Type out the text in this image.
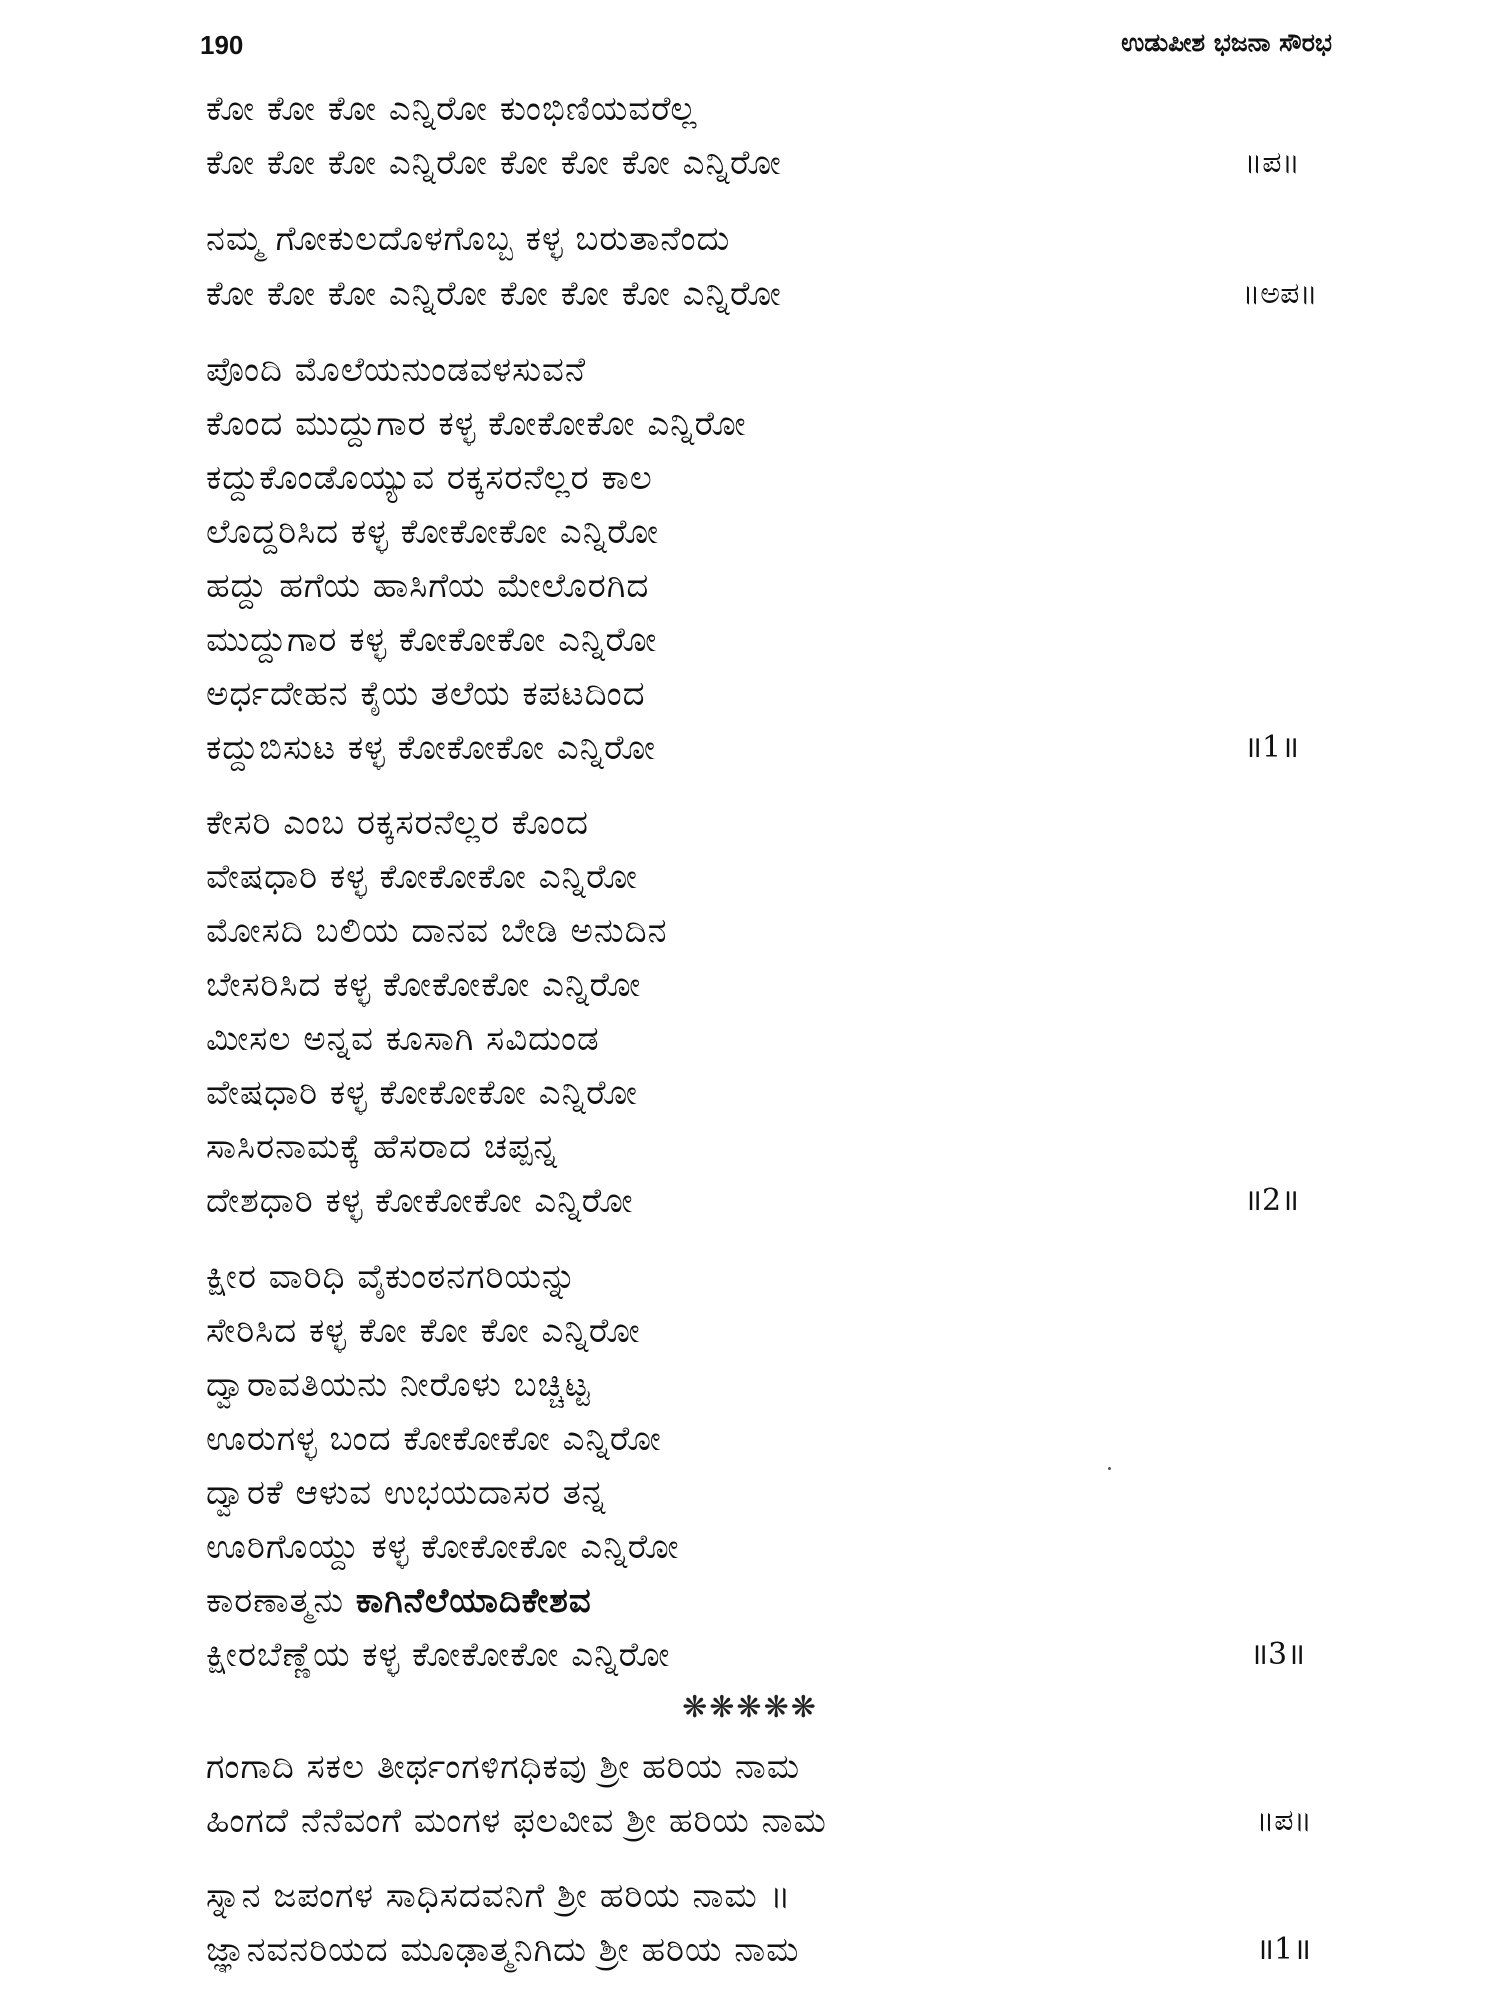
190	ಉಡುಪೀಶ ಭಜನಾ ಸೌರಭ
ಕೋ ಕೋ ಕೋ ಎನ್ನಿರೋ ಕುಂಭಿಣಿಯವರೆಲ್ಲ
ಕೋ ಕೋ ಕೋ ಎನ್ನಿರೋ ಕೋ ಕೋ ಕೋ ಎನ್ನಿರೋ	॥ಪ॥
ನಮ್ಮ ಗೋಕುಲದೊಳಗೊಬ್ಬ ಕಳ್ಳ ಬರುತಾನೆಂದು
ಕೋ ಕೋ ಕೋ ಎನ್ನಿರೋ ಕೋ ಕೋ ಕೋ ಎನ್ನಿರೋ	॥ಅಪ॥
ಪೊಂದಿ ಮೊಲೆಯನುಂಡವಳಸುವನೆ
ಕೊಂದ ಮುದ್ದುಗಾರ ಕಳ್ಳ ಕೋಕೋಕೋ ಎನ್ನಿರೋ
ಕದ್ದುಕೊಂಡೊಯ್ಯುವ ರಕ್ಕಸರನೆಲ್ಲರ ಕಾಲ
ಲೊದ್ದರಿಸಿದ ಕಳ್ಳ ಕೋಕೋಕೋ ಎನ್ನಿರೋ
ಹದ್ದು ಹಗೆಯ ಹಾಸಿಗೆಯ ಮೇಲೊರಗಿದ
ಮುದ್ದುಗಾರ ಕಳ್ಳ ಕೋಕೋಕೋ ಎನ್ನಿರೋ
ಅರ್ಧದೇಹನ ಕೈಯ ತಲೆಯ ಕಪಟದಿಂದ
ಕದ್ದುಬಿಸುಟ ಕಳ್ಳ ಕೋಕೋಕೋ ಎನ್ನಿರೋ	॥1॥
ಕೇಸರಿ ಎಂಬ ರಕ್ಕಸರನೆಲ್ಲರ ಕೊಂದ
ವೇಷಧಾರಿ ಕಳ್ಳ ಕೋಕೋಕೋ ಎನ್ನಿರೋ
ಮೋಸದಿ ಬಲಿಯ ದಾನವ ಬೇಡಿ ಅನುದಿನ
ಬೇಸರಿಸಿದ ಕಳ್ಳ ಕೋಕೋಕೋ ಎನ್ನಿರೋ
ಮೀಸಲ ಅನ್ನವ ಕೂಸಾಗಿ ಸವಿದುಂಡ
ವೇಷಧಾರಿ ಕಳ್ಳ ಕೋಕೋಕೋ ಎನ್ನಿರೋ
ಸಾಸಿರನಾಮಕ್ಕೆ ಹೆಸರಾದ ಚಪ್ಪನ್ನ
ದೇಶಧಾರಿ ಕಳ್ಳ ಕೋಕೋಕೋ ಎನ್ನಿರೋ	॥2॥
ಕ್ಷೀರ ವಾರಿಧಿ ವೈಕುಂಠನಗರಿಯನ್ನು
ಸೇರಿಸಿದ ಕಳ್ಳ ಕೋ ಕೋ ಕೋ ಎನ್ನಿರೋ
ದ್ವಾರಾವತಿಯನು ನೀರೊಳು ಬಚ್ಚಿಟ್ಟ
ಊರುಗಳ್ಳ ಬಂದ ಕೋಕೋಕೋ ಎನ್ನಿರೋ
ದ್ವಾರಕೆ ಆಳುವ ಉಭಯದಾಸರ ತನ್ನ
ಊರಿಗೊಯ್ದು ಕಳ್ಳ ಕೋಕೋಕೋ ಎನ್ನಿರೋ
ಕಾರಣಾತ್ಮನು ಕಾಗಿನೆಲೆಯಾದಿಕೇಶವ
ಕ್ಷೀರಬೆಣ್ಣೆಯ ಕಳ್ಳ ಕೋಕೋಕೋ ಎನ್ನಿರೋ	॥3॥
❋❋❋❋❋
ಗಂಗಾದಿ ಸಕಲ ತೀರ್ಥಂಗಳಿಗಧಿಕವು ಶ್ರೀ ಹರಿಯ ನಾಮ
ಹಿಂಗದೆ ನೆನೆವಂಗೆ ಮಂಗಳ ಫಲವೀವ ಶ್ರೀ ಹರಿಯ ನಾಮ	॥ಪ॥
ಸ್ನಾನ ಜಪಂಗಳ ಸಾಧಿಸದವನಿಗೆ ಶ್ರೀ ಹರಿಯ ನಾಮ ॥
ಜ್ಞಾನವನರಿಯದ ಮೂಢಾತ್ಮನಿಗಿದು ಶ್ರೀ ಹರಿಯ ನಾಮ	॥1॥
